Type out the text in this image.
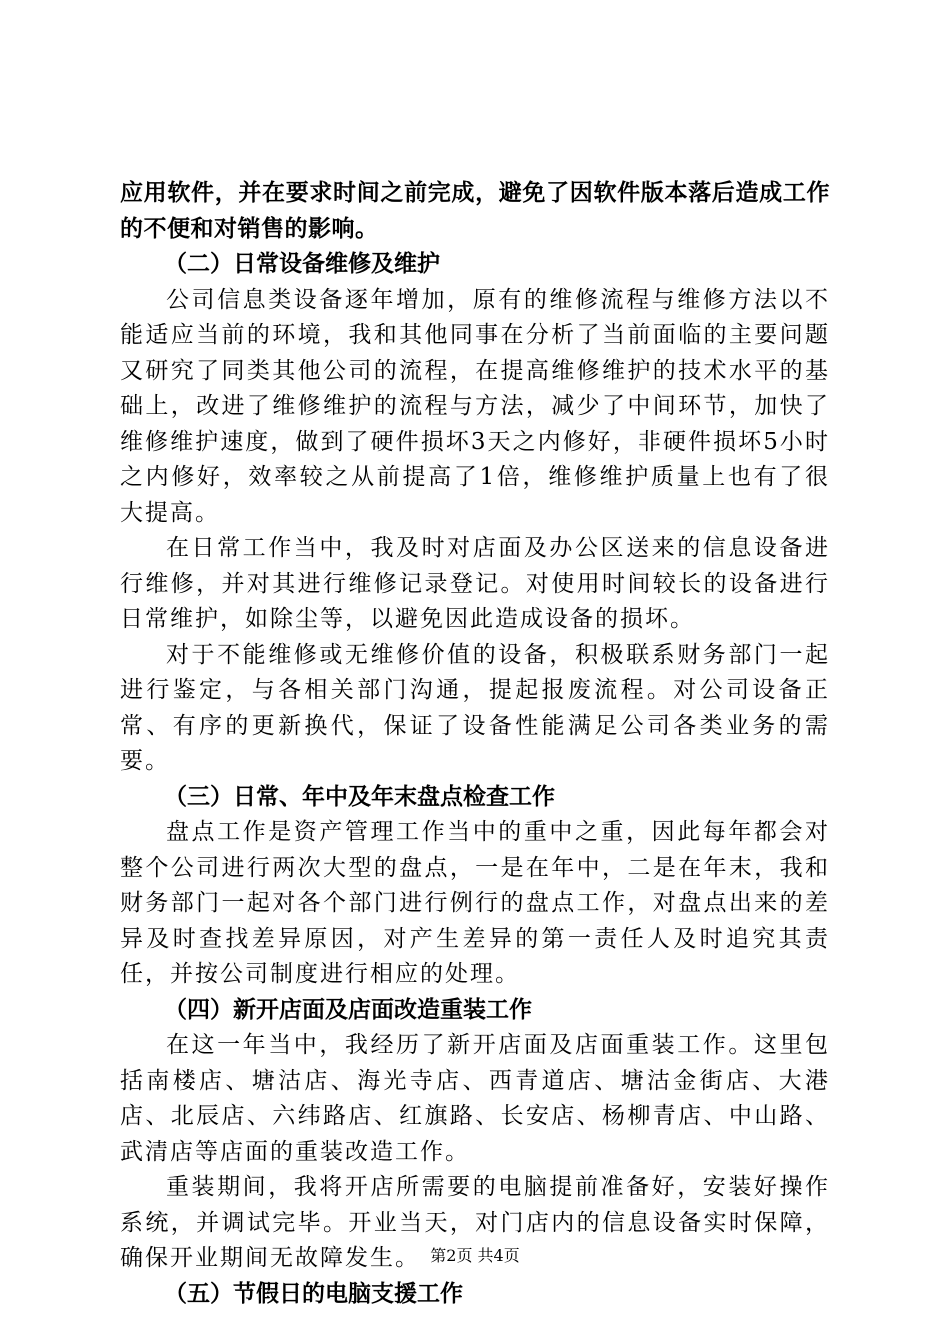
应用软件，并在要求时间之前完成，避免了因软件版本落后造成工作的不便和对销售的影响。

（二）日常设备维修及维护

公司信息类设备逐年增加，原有的维修流程与维修方法以不能适应当前的环境，我和其他同事在分析了当前面临的主要问题又研究了同类其他公司的流程，在提高维修维护的技术水平的基础上，改进了维修维护的流程与方法，减少了中间环节，加快了维修维护速度，做到了硬件损坏3天之内修好，非硬件损坏5小时之内修好，效率较之从前提高了1倍，维修维护质量上也有了很大提高。

在日常工作当中，我及时对店面及办公区送来的信息设备进行维修，并对其进行维修记录登记。对使用时间较长的设备进行日常维护，如除尘等，以避免因此造成设备的损坏。

对于不能维修或无维修价值的设备，积极联系财务部门一起进行鉴定，与各相关部门沟通，提起报废流程。对公司设备正常、有序的更新换代，保证了设备性能满足公司各类业务的需要。

（三）日常、年中及年末盘点检查工作

盘点工作是资产管理工作当中的重中之重，因此每年都会对整个公司进行两次大型的盘点，一是在年中，二是在年末，我和财务部门一起对各个部门进行例行的盘点工作，对盘点出来的差异及时查找差异原因，对产生差异的第一责任人及时追究其责任，并按公司制度进行相应的处理。

（四）新开店面及店面改造重装工作

在这一年当中，我经历了新开店面及店面重装工作。这里包括南楼店、塘沽店、海光寺店、西青道店、塘沽金街店、大港店、北辰店、六纬路店、红旗路、长安店、杨柳青店、中山路、武清店等店面的重装改造工作。

重装期间，我将开店所需要的电脑提前准备好，安装好操作系统，并调试完毕。开业当天，对门店内的信息设备实时保障，确保开业期间无故障发生。

（五）节假日的电脑支援工作

第2页 共4页
